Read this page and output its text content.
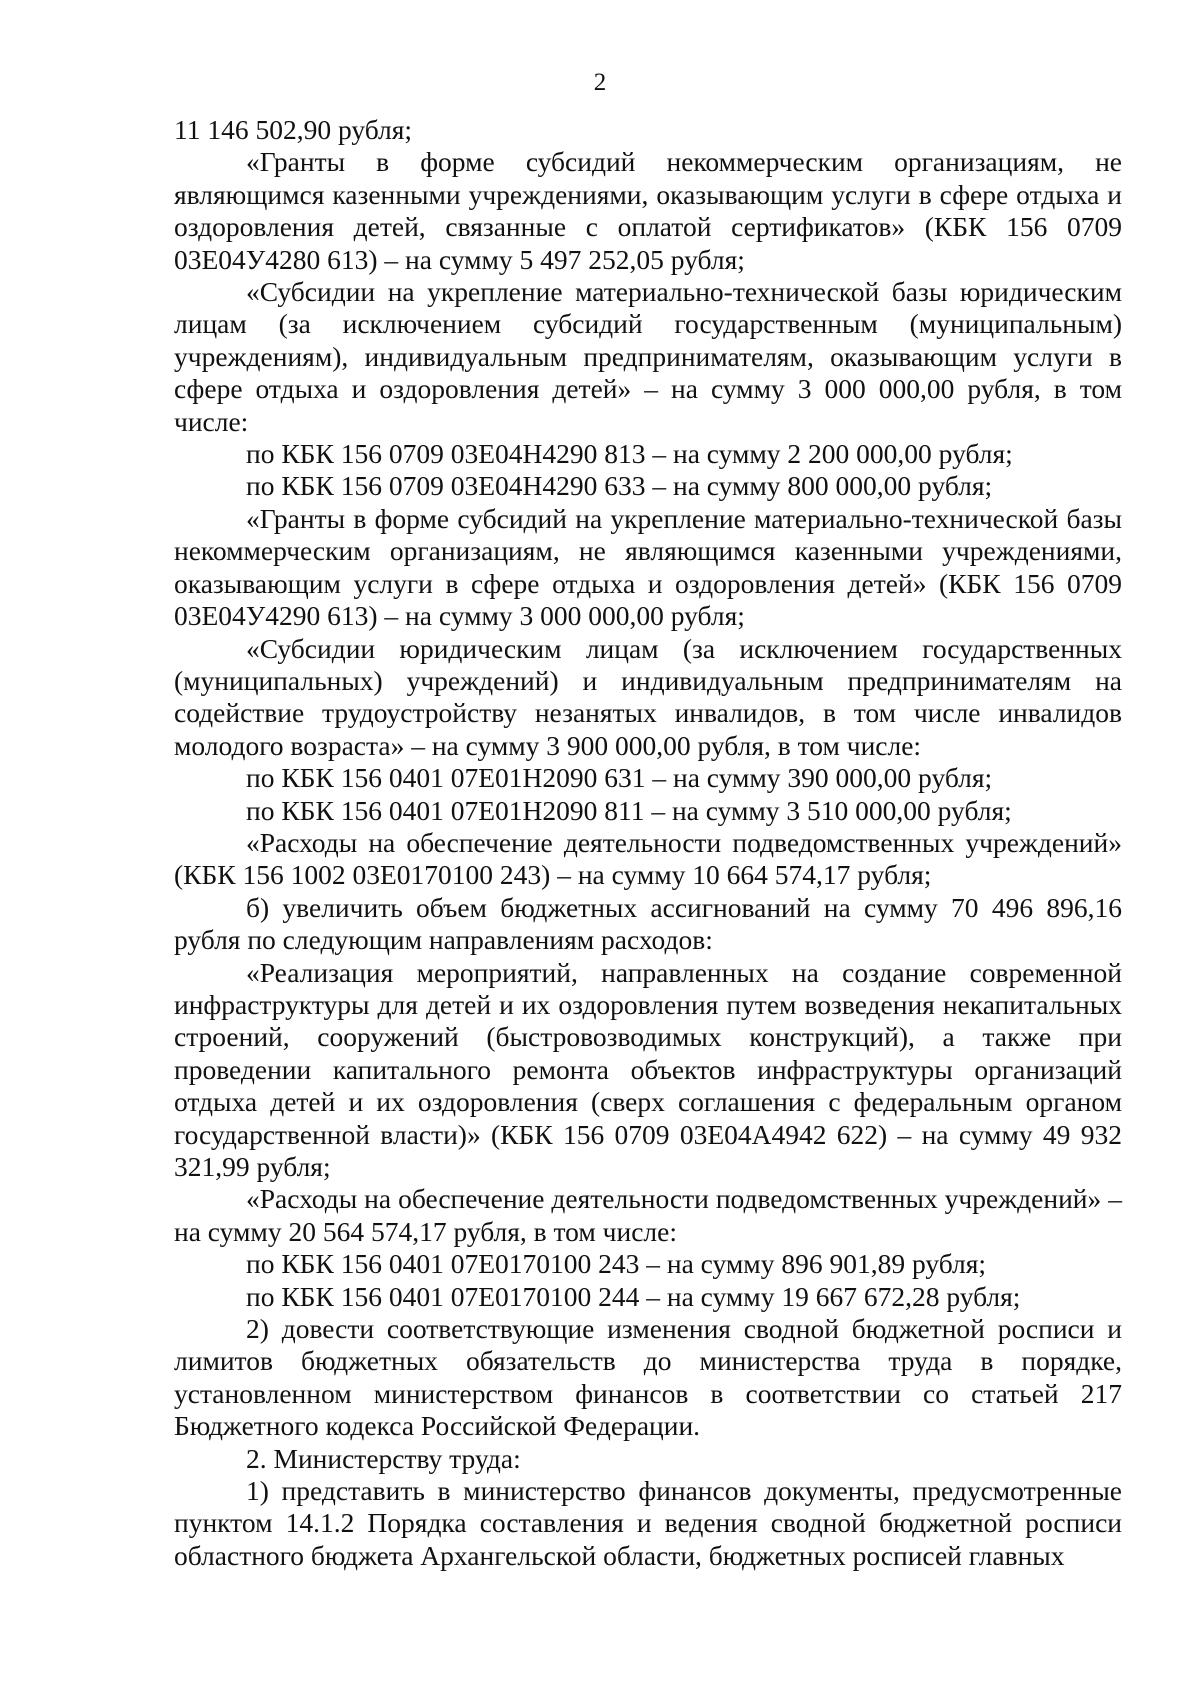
2

11 146 502,90 рубля;

«Гранты в форме субсидий некоммерческим организациям, не являющимся казенными учреждениями, оказывающим услуги в сфере отдыха и оздоровления детей, связанные с оплатой сертификатов» (КБК 156 0709 03Е04У4280 613) – на сумму 5 497 252,05 рубля;

«Субсидии на укрепление материально-технической базы юридическим лицам (за исключением субсидий государственным (муниципальным) учреждениям), индивидуальным предпринимателям, оказывающим услуги в сфере отдыха и оздоровления детей» – на сумму 3 000 000,00 рубля, в том числе:

по КБК 156 0709 03Е04Н4290 813 – на сумму 2 200 000,00 рубля;

по КБК 156 0709 03Е04Н4290 633 – на сумму 800 000,00 рубля;

«Гранты в форме субсидий на укрепление материально-технической базы некоммерческим организациям, не являющимся казенными учреждениями, оказывающим услуги в сфере отдыха и оздоровления детей» (КБК 156 0709 03Е04У4290 613) – на сумму 3 000 000,00 рубля;

«Субсидии юридическим лицам (за исключением государственных (муниципальных) учреждений) и индивидуальным предпринимателям на содействие трудоустройству незанятых инвалидов, в том числе инвалидов молодого возраста» – на сумму 3 900 000,00 рубля, в том числе:

по КБК 156 0401 07Е01Н2090 631 – на сумму 390 000,00 рубля;

по КБК 156 0401 07Е01Н2090 811 – на сумму 3 510 000,00 рубля;

«Расходы на обеспечение деятельности подведомственных учреждений» (КБК 156 1002 03Е0170100 243) – на сумму 10 664 574,17 рубля;

б) увеличить объем бюджетных ассигнований на сумму 70 496 896,16 рубля по следующим направлениям расходов:

«Реализация мероприятий, направленных на создание современной инфраструктуры для детей и их оздоровления путем возведения некапитальных строений, сооружений (быстровозводимых конструкций), а также при проведении капитального ремонта объектов инфраструктуры организаций отдыха детей и их оздоровления (сверх соглашения с федеральным органом государственной власти)» (КБК 156 0709 03Е04А4942 622) – на сумму 49 932 321,99 рубля;

«Расходы на обеспечение деятельности подведомственных учреждений» – на сумму 20 564 574,17 рубля, в том числе:

по КБК 156 0401 07Е0170100 243 – на сумму 896 901,89 рубля;

по КБК 156 0401 07Е0170100 244 – на сумму 19 667 672,28 рубля;

2) довести соответствующие изменения сводной бюджетной росписи и лимитов бюджетных обязательств до министерства труда в порядке, установленном министерством финансов в соответствии со статьей 217 Бюджетного кодекса Российской Федерации.

2. Министерству труда:

1) представить в министерство финансов документы, предусмотренные пунктом 14.1.2 Порядка составления и ведения сводной бюджетной росписи областного бюджета Архангельской области, бюджетных росписей главных
